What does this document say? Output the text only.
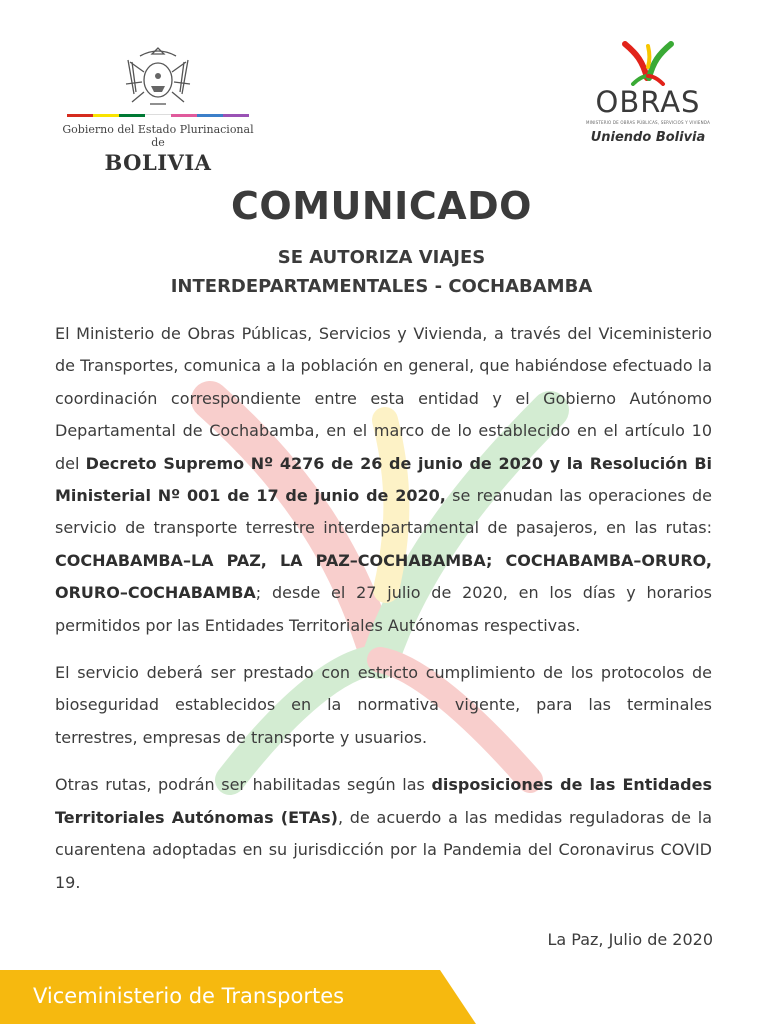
Gobierno del Estado Plurinacional de
BOLIVIA
OBRAS
MINISTERIO DE OBRAS PÚBLICAS, SERVICIOS Y VIVIENDA
Uniendo Bolivia
COMUNICADO
SE AUTORIZA VIAJES
INTERDEPARTAMENTALES - COCHABAMBA

El Ministerio de Obras Públicas, Servicios y Vivienda, a través del Viceministerio de Transportes, comunica a la población en general, que habiéndose efectuado la coordinación correspondiente entre esta entidad y el Gobierno Autónomo Departamental de Cochabamba, en el marco de lo establecido en el artículo 10 del Decreto Supremo Nº 4276 de 26 de junio de 2020 y la Resolución Bi Ministerial Nº 001 de 17 de junio de 2020, se reanudan las operaciones de servicio de transporte terrestre interdepartamental de pasajeros, en las rutas: COCHABAMBA–LA PAZ, LA PAZ–COCHABAMBA; COCHABAMBA–ORURO, ORURO–COCHABAMBA; desde el 27 julio de 2020, en los días y horarios permitidos por las Entidades Territoriales Autónomas respectivas.

El servicio deberá ser prestado con estricto cumplimiento de los protocolos de bioseguridad establecidos en la normativa vigente, para las terminales terrestres, empresas de transporte y usuarios.

Otras rutas, podrán ser habilitadas según las disposiciones de las Entidades Territoriales Autónomas (ETAs), de acuerdo a las medidas reguladoras de la cuarentena adoptadas en su jurisdicción por la Pandemia del Coronavirus COVID 19.

La Paz, Julio de 2020
Viceministerio de Transportes
